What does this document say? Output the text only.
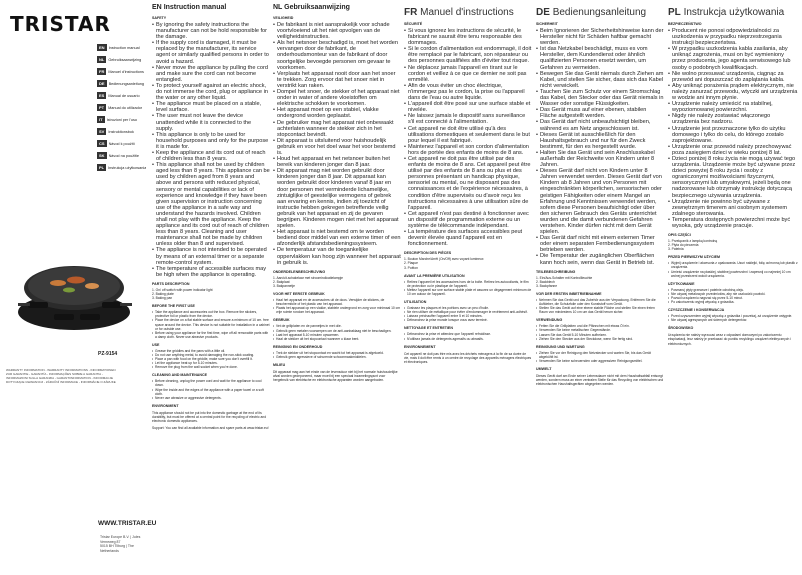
TRISTAR
EN	Instruction manual
NL	Gebruiksaanwijzing
FR	Manuel d'instructions
DE	Bedienungsanleitung
ES	Manual de usuario
PT	Manual do utilizador
IT	Istruzioni per l'uso
SV	Instruktionsbok
CS	Návod k použití
SK	Návod na použitie
PL	Instrukcja użytkowania
PZ-9154
WARRANTY INFORMATION - WARRANTY INFORMATIONS - INFORMATIONEN ZUR GARANTIE - GARANTÍA - INFORMAÇÕES SOBRE A GARANTIA - INFORMAZIONI SULLA GARANZIA - GARANTIINFORMATION - INFORMACJE DOTYCZĄCE GWARANCJI - ZÁRUČNÍ INFORMACE - INFORMÁCIE O ZÁRUKE
WWW.TRISTAR.EU
Tristar Europe B.V. | Jules Verneweg 87
5015 BH Tilburg | The Netherlands
EN Instruction manual
SAFETY
• By ignoring the safety instructions the manufacturer can not be hold responsible for the damage.
• If the supply cord is damaged, it must be replaced by the manufacturer, its service agent or similarly qualified persons in order to avoid a hazard.
• Never move the appliance by pulling the cord and make sure the cord can not become entangled.
• To protect yourself against an electric shock, do not immerse the cord, plug or appliance in the water or any other liquid.
• The appliance must be placed on a stable, level surface.
• The user must not leave the device unattended while it is connected to the supply.
• This appliance is only to be used for household purposes and only for the purpose it is made for.
• Keep the appliance and its cord out of reach of children less than 8 years.
• This appliance shall not be used by children aged less than 8 years. This appliance can be used by children aged from 8 years and above and persons with reduced physical, sensory or mental capabilities or lack of experience and knowledge if they have been given supervision or instruction concerning use of the appliance in a safe way and understand the hazards involved. Children shall not play with the appliance. Keep the appliance and its cord out of reach of children less than 8 years. Cleaning and user maintenance shall not be made by children unless older than 8 and supervised.
• The appliance is not intended to be operated by means of an external timer or a separate remote-control system.
• The temperature of accessible surfaces may be high when the appliance is operating.
PARTS DESCRIPTION

1. On/ off switch with power indicator light

2. Baking plate

3. Baking pan

BEFORE THE FIRST USE
• Take the appliance and accessories out the box. Remove the stickers, protective foil or plastic from the device.
• Place the device on a flat stable surface and ensure a minimum of 10 cm. free space around the device. This device is not suitable for installation in a cabinet or for outside use.
• Before using your appliance for the first time, wipe off all removable parts with a damp cloth. Never use abrasive products.
USE
• Grease the griddles and the pans with a little oil.
• Do not use anything metal, to avoid damaging the non-stick coating.
• Place a pan with food on the griddle, make sure you don't overfill it.
• Let the appliance heat up for 5-10 minutes.
• Remove the plug from the wall socket when you're done.
CLEANING AND MAINTENANCE
• Before cleaning, unplug the power cord and wait for the appliance to cool down.
• Wipe the inside and the edges of the appliance with a paper towel or a soft cloth.
• Never use abrasive or aggressive detergents.
ENVIRONMENT

This appliance should not be put into the domestic garbage at the end of its durability, but must be offered at a central point for the recycling of electric and electronic domestic appliances.

Support: You can find all available information and spare parts at www.tristar.eu!

NL Gebruiksaanwijzing
VEILIGHEID
• De fabrikant is niet aansprakelijk voor schade voortvloeiend uit het niet opvolgen van de veiligheidsinstructies.
• Als het netsnoer beschadigd is, moet het worden vervangen door de fabrikant, de onderhoudsmonteur van de fabrikant of door soortgelijke bevoegde personen om gevaar te voorkomen.
• Verplaats het apparaat nooit door aan het snoer te trekken. Zorg ervoor dat het snoer niet in verstrikt kan raken.
• Dompel het snoer, de stekker of het apparaat niet onder in water of andere vloeistoffen om elektrische schokken te voorkomen.
• Het apparaat moet op een stabiel, vlakke ondergrond worden geplaatst.
• De gebruiker mag het apparaat niet onbewaakt achterlaten wanneer de stekker zich in het stopcontact bevindt.
• Dit apparaat is uitsluitend voor huishoudelijk gebruik en voor het doel waar het voor bestemd is.
• Houd het apparaat en het netsnoer buiten het bereik van kinderen jonger dan 8 jaar.
• Dit apparaat mag niet worden gebruikt door kinderen jonger dan 8 jaar. Dit apparaat kan worden gebruikt door kinderen vanaf 8 jaar en door personen met verminderde lichamelijke, zintuiglijke of geestelijke vermogens of gebrek aan ervaring en kennis, indien zij toezicht of instructie hebben gekregen betreffende veilig gebruik van het apparaat en zij de gevaren begrijpen. Kinderen mogen niet met het apparaat spelen.
• Het apparaat is niet bestemd om te worden bediend door middel van een externe timer of een afzonderlijk afstandsbedieningssysteem.
• De temperatuur van de toegankelijke oppervlakken kan hoog zijn wanneer het apparaat in gebruik is.
ONDERDELENBESCHRIJVING

1. Aan/uit-schakelaar met stroomindicatielampje

2. Bakplaat

3. Bakpannetje

VOOR HET EERSTE GEBRUIK
• Haal het apparaat en de accessoires uit de doos. Verwijder de stickers, de beschermfolie of het plastic van het apparaat.
• Plaats het apparaat op een vlakke, stabiele ondergrond en zorg voor minimaal 10 cm vrije ruimte rondom het apparaat.
GEBRUIK
• Vet de grillplaten en de pannetjes in met olie.
• Gebruik geen metalen voorwerpen om de anti-aanbaklaag niet te beschadigen.
• Laat het apparaat 5-10 minuten opwarmen.
• Haal de stekker uit het stopcontact wanneer u klaar bent.
REINIGING EN ONDERHOUD
• Trek de stekker uit het stopcontact en wacht tot het apparaat is afgekoeld.
• Gebruik geen agressieve of schurende schoonmaakmiddelen.
MILIEU

Dit apparaat mag aan het einde van de levensduur niet bij het normale huishoudelijke afval worden gedeponeerd, maar moet bij een speciaal inzamelingspunt voor hergebruik van elektrische en elektronische apparaten worden aangeboden.

FR Manuel d'instructions
SÉCURITÉ
• Si vous ignorez les instructions de sécurité, le fabricant ne saurait être tenu responsable des dommages.
• Si le cordon d'alimentation est endommagé, il doit être remplacé par le fabricant, son réparateur ou des personnes qualifiées afin d'éviter tout risque.
• Ne déplacez jamais l'appareil en tirant sur le cordon et veillez à ce que ce dernier ne soit pas emmêlé.
• Afin de vous éviter un choc électrique, n'immergez pas le cordon, la prise ou l'appareil dans de l'eau ou autre liquide.
• L'appareil doit être posé sur une surface stable et nivelée.
• Ne laissez jamais le dispositif sans surveillance s'il est connecté à l'alimentation.
• Cet appareil ne doit être utilisé qu'à des utilisations domestiques et seulement dans le but pour lequel il est fabriqué.
• Maintenez l'appareil et son cordon d'alimentation hors de portée des enfants de moins de 8 ans.
• Cet appareil ne doit pas être utilisé par des enfants de moins de 8 ans. Cet appareil peut être utilisé par des enfants de 8 ans ou plus et des personnes présentant un handicap physique, sensoriel ou mental, ou ne disposant pas des connaissances et de l'expérience nécessaires, à condition d'être supervisés ou d'avoir reçu les instructions nécessaires à une utilisation sûre de l'appareil.
• Cet appareil n'est pas destiné à fonctionner avec un dispositif de programmation externe ou un système de télécommande indépendant.
• La température des surfaces accessibles peut devenir élevée quand l'appareil est en fonctionnement.
DESCRIPTION DES PIÈCES

1. Bouton Marche/Arrêt (On/Off) avec voyant lumineux

2. Plaque

3. Poêlon

AVANT LA PREMIÈRE UTILISATION
• Retirez l'appareil et les accessoires hors de la boîte. Retirez les autocollants, le film de protection ou le plastique de l'appareil.
• Mettez l'appareil sur une surface stable plate et assurez un dégagement minimum de 10 cm autour de l'appareil.
UTILISATION
• Graissez les plaques et les poêlons avec un peu d'huile.
• Ne rien utiliser de métallique pour éviter d'endommager le revêtement anti-adhésif.
• Laissez préchauffer l'appareil entre 5 et 10 minutes.
• Débranchez la prise murale lorsque vous avez terminé.
NETTOYAGE ET ENTRETIEN
• Débranchez la prise et attendez que l'appareil refroidisse.
• N'utilisez jamais de détergents agressifs ou abrasifs.
ENVIRONNEMENT

Cet appareil ne doit pas être mis avec les déchets ménagers à la fin de sa durée de vie, mais il doit être remis à un centre de recyclage des appareils ménagers électriques et électroniques.

DE Bedienungsanleitung
SICHERHEIT
• Beim Ignorieren der Sicherheitshinweise kann der Hersteller nicht für Schäden haftbar gemacht werden.
• Ist das Netzkabel beschädigt, muss es vom Hersteller, dem Kundendienst oder ähnlich qualifizierten Personen ersetzt werden, um Gefahren zu vermeiden.
• Bewegen Sie das Gerät niemals durch Ziehen am Kabel, und stellen Sie sicher, dass sich das Kabel nicht verwickelt.
• Tauchen Sie zum Schutz vor einem Stromschlag das Kabel, den Stecker oder das Gerät niemals in Wasser oder sonstige Flüssigkeiten.
• Das Gerät muss auf einer ebenen, stabilen Fläche aufgestellt werden.
• Das Gerät darf nicht unbeaufsichtigt bleiben, während es am Netz angeschlossen ist.
• Dieses Gerät ist ausschließlich für den Haushaltsgebrauch und nur für den Zweck bestimmt, für den es hergestellt wurde.
• Halten Sie das Gerät und sein Anschlusskabel außerhalb der Reichweite von Kindern unter 8 Jahren.
• Dieses Gerät darf nicht von Kindern unter 8 Jahren verwendet werden. Dieses Gerät darf von Kindern ab 8 Jahren und von Personen mit eingeschränkten körperlichen, sensorischen oder geistigen Fähigkeiten oder einem Mangel an Erfahrung und Kenntnissen verwendet werden, sofern diese Personen beaufsichtigt oder über den sicheren Gebrauch des Geräts unterrichtet wurden und die damit verbundenen Gefahren verstehen. Kinder dürfen nicht mit dem Gerät spielen.
• Das Gerät darf nicht mit einem externen Timer oder einem separaten Fernbedienungssystem betrieben werden.
• Die Temperatur der zugänglichen Oberflächen kann hoch sein, wenn das Gerät in Betrieb ist.
TEILEBESCHREIBUNG

1. Ein/Aus-Schalter mit Kontrollleuchte

2. Backblech

3. Backpfanne

VOR DER ERSTEN INBETRIEBNAHME
• Nehmen Sie das Gerät und das Zubehör aus der Verpackung. Entfernen Sie die Aufkleber, die Schutzfolie oder den Kunststoff vom Gerät.
• Stellen Sie das Gerät auf eine ebene stabile Fläche und stellen Sie einen freien Raum von mindestens 10 cm um das Gerät herum sicher.
VERWENDUNG
• Fetten Sie die Grillplatten und die Pfännchen mit etwas Öl ein.
• Verwenden Sie keine metallischen Gegenstände.
• Lassen Sie das Gerät 5-10 Minuten aufheizen.
• Ziehen Sie den Stecker aus der Steckdose, wenn Sie fertig sind.
REINIGUNG UND WARTUNG
• Ziehen Sie vor der Reinigung den Netzstecker und warten Sie, bis das Gerät abgekühlt ist.
• Verwenden Sie keine scheuernden oder aggressiven Reinigungsmittel.
UMWELT

Dieses Gerät darf am Ende seiner Lebensdauer nicht mit dem Haushaltsabfall entsorgt werden, sondern muss an einer zentralen Stelle für das Recycling von elektrischen und elektronischen Haushaltsgeräten abgegeben werden.

PL Instrukcja użytkowania
BEZPIECZEŃSTWO
• Producent nie ponosi odpowiedzialności za uszkodzenia w przypadku nieprzestrzegania instrukcji bezpieczeństwa.
• W przypadku uszkodzenia kabla zasilania, aby uniknąć zagrożenia, musi on być wymieniony przez producenta, jego agenta serwisowego lub osoby o podobnych kwalifikacjach.
• Nie wolno przesuwać urządzenia, ciągnąc za przewód ani dopuszczać do zaplątania kabla.
• Aby uniknąć porażenia prądem elektrycznym, nie należy zanurzać przewodu, wtyczki ani urządzenia w wodzie ani innym płynie.
• Urządzenie należy umieścić na stabilnej, wypoziomowanej powierzchni.
• Nigdy nie należy zostawiać włączonego urządzenia bez nadzoru.
• Urządzenie jest przeznaczone tylko do użytku domowego i tylko do celu, do którego zostało zaprojektowane.
• Urządzenie oraz przewód należy przechowywać poza zasięgiem dzieci w wieku poniżej 8 lat.
• Dzieci poniżej 8 roku życia nie mogą używać tego urządzenia. Urządzenie może być używane przez dzieci powyżej 8 roku życia i osoby z ograniczonymi możliwościami fizycznymi, sensorycznymi lub umysłowymi, jeżeli będą one nadzorowane lub otrzymały instrukcję dotyczącą bezpiecznego używania urządzenia.
• Urządzenie nie powinno być używane z zewnętrznym timerem ani osobnym systemem zdalnego sterowania.
• Temperatura dostępnych powierzchni może być wysoka, gdy urządzenie pracuje.
OPIS CZĘŚCI

1. Przełącznik z lampką kontrolną

2. Płyta do pieczenia

3. Patelnia

PRZED PIERWSZYM UŻYCIEM
• Wyjmij urządzenie i akcesoria z opakowania. Usuń naklejki, folię ochronną lub plastik z urządzenia.
• Umieść urządzenie na płaskiej, stabilnej powierzchni i zapewnij co najmniej 10 cm wolnej przestrzeni wokół urządzenia.
UŻYTKOWANIE
• Posmaruj płyty grzewcze i patelnie odrobiną oleju.
• Nie używaj metalowych przedmiotów, aby nie uszkodzić powłoki.
• Pozwól urządzeniu nagrzać się przez 5-10 minut.
• Po zakończeniu wyjmij wtyczkę z gniazdka.
CZYSZCZENIE I KONSERWACJA
• Przed czyszczeniem wyjmij wtyczkę z gniazdka i poczekaj, aż urządzenie ostygnie.
• Nie używaj agresywnych ani ściernych detergentów.
ŚRODOWISKO

Urządzenia nie należy wyrzucać wraz z odpadami domowymi po zakończeniu eksploatacji, lecz należy je przekazać do punktu recyklingu urządzeń elektrycznych i elektronicznych.
